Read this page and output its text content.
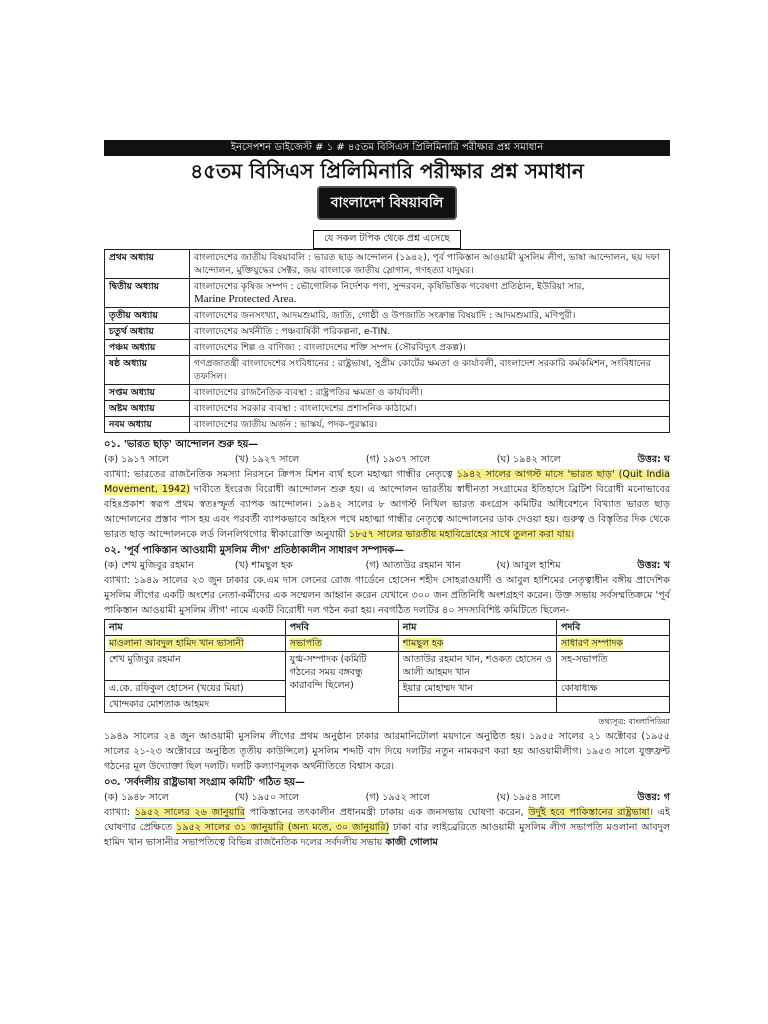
ইনসেপশন ডাইজেস্ট # ১ # ৪৫তম বিসিএস প্রিলিমিনারি পরীক্ষার প্রশ্ন সমাধান
৪৫তম বিসিএস প্রিলিমিনারি পরীক্ষার প্রশ্ন সমাধান
বাংলাদেশ বিষয়াবলি
যে সকল টপিক থেকে প্রশ্ন এসেছে
প্রথম অধ্যায়	বাংলাদেশের জাতীয় বিষয়াবলি : ভারত ছাড় আন্দোলন (১৯৪২), পূর্ব পাকিস্তান আওয়ামী মুসলিম লীগ, ভাষা আন্দোলন, ছয় দফা আন্দোলন, মুক্তিযুদ্ধের সেক্টর, জয় বাংলাকে জাতীয় স্লোগান, গণহত্যা যাদুঘর।
দ্বিতীয় অধ্যায়	বাংলাদেশের কৃষিজ সম্পদ : ভৌগোলিক নির্দেশক পণ্য, সুন্দরবন, কৃষিভিত্তিক গবেষণা প্রতিষ্ঠান, ইউরিয়া সার,
Marine Protected Area.
তৃতীয় অধ্যায়	বাংলাদেশের জনসংখ্যা, আদমশুমারি, জাতি, গোষ্ঠী ও উপজাতি সংক্রান্ত বিষয়াদি : আদমশুমারি, মণিপুরী।
চতুর্থ অধ্যায়	বাংলাদেশের অর্থনীতি : পঞ্চবার্ষিকী পরিকল্পনা, e-TIN.
পঞ্চম অধ্যায়	বাংলাদেশের শিল্প ও বাণিজ্য : বাংলাদেশের শক্তি সম্পদ (সৌরবিদ্যুৎ প্রকল্প)।
ষষ্ঠ অধ্যায়	গণপ্রজাতন্ত্রী বাংলাদেশের সংবিধানের : রাষ্ট্রভাষা, সুপ্রীম কোর্টের ক্ষমতা ও কার্যাবলী, বাংলাদেশ সরকারি কর্মকমিশন, সংবিধানের তফসিল।
সপ্তম অধ্যায়	বাংলাদেশের রাজনৈতিক ব্যবস্থা : রাষ্ট্রপতির ক্ষমতা ও কার্যাবলী।
অষ্টম অধ্যায়	বাংলাদেশের সরকার ব্যবস্থা : বাংলাদেশের প্রশাসনিক কাঠামো।
নবম অধ্যায়	বাংলাদেশের জাতীয় অর্জন : ভাস্কর্য, পদক-পুরস্কার।
০১. 'ভারত ছাড়' আন্দোলন শুরু হয়—
(ক) ১৯১৭ সালে	(খ) ১৯২৭ সালে	(গ) ১৯৩৭ সালে	(ঘ) ১৯৪২ সালে	উত্তর: ঘ
ব্যাখ্যা: ভারতের রাজনৈতিক সমস্যা নিরসনে ক্রিপস মিশন ব্যর্থ হলে মহাত্মা গান্ধীর নেতৃত্বে ১৯৪২ সালের আগস্ট মাসে 'ভারত ছাড়' (Quit India Movement, 1942) দাবীতে ইংরেজ বিরোধী আন্দোলন শুরু হয়। এ আন্দোলন ভারতীয় স্বাধীনতা সংগ্রামের ইতিহাসে ব্রিটিশ বিরোধী মনোভাবের বহিঃপ্রকাশ স্বরূপ প্রথম স্বতঃস্ফূর্ত ব্যাপক আন্দোলন। ১৯৪২ সালের ৮ আগস্ট নিখিল ভারত কংগ্রেস কমিটির অধিবেশনে বিখ্যাত ভারত ছাড় আন্দোলনের প্রস্তাব পাস হয় এবং পরবর্তী ব্যাপকভাবে অহিংস পথে মহাত্মা গান্ধীর নেতৃত্বে আন্দোলনের ডাক দেওয়া হয়। গুরুত্ব ও বিস্তৃতির দিক থেকে ভারত ছাড় আন্দোলনকে লর্ড লিনলিথগোর স্বীকারোক্তি অনুযায়ী ১৮৫৭ সালের ভারতীয় মহাবিদ্রোহের সাথে তুলনা করা যায়।
০২. 'পূর্ব পাকিস্তান আওয়ামী মুসলিম লীগ' প্রতিষ্ঠাকালীন সাধারণ সম্পাদক—
(ক) শেখ মুজিবুর রহমান	(খ) শামছুল হক	(গ) আতাউর রহমান খান	(ঘ) আবুল হাশিম	উত্তর: খ
ব্যাখ্যা: ১৯৪৯ সালের ২৩ জুন ঢাকার কে.এম দাস লেনের রোজ গার্ডেনে হোসেন শহীদ সোহরাওয়ার্দী ও আবুল হাশিমের নেতৃত্বাধীন বঙ্গীয় প্রাদেশিক মুসলিম লীগের একটি অংশের নেতা-কর্মীদের এক সম্মেলন আহ্বান করেন যেখানে ৩০০ জন প্রতিনিধি অংশগ্রহণ করেন। উক্ত সভায় সর্বসম্মতিক্রমে 'পূর্ব পাকিস্তান আওয়ামী মুসলিম লীগ' নামে একটি বিরোধী দল গঠন করা হয়। নবগঠিত দলটির ৪০ সদস্যবিশিষ্ট কমিটিতে ছিলেন-
নাম	পদবি	নাম	পদবি
মাওলানা আবদুল হামিদ খান ভাসানী	সভাপতি	শামছুল হক	সাধারণ সম্পাদক
শেখ মুজিবুর রহমান	যুগ্ম-সম্পাদক (কমিটি গঠনের সময় বঙ্গবন্ধু কারাবন্দি ছিলেন)	আতাউর রহমান খান, শওকত হোসেন ও আলী আহমদ খান	সহ-সভাপতি
এ.কে. রফিকুল হোসেন (খয়ের মিয়া)		ইয়ার মোহাম্মদ খান	কোষাধ্যক্ষ
খোন্দকার মোশতাক আহমদ			
তথ্যসূত্র: বাংলাপিডিয়া
১৯৪৯ সালের ২৪ জুন আওয়ামী মুসলিম লীগের প্রথম অনুষ্ঠান ঢাকার আরমানিটোলা ময়দানে অনুষ্ঠিত হয়। ১৯৫৫ সালের ২১ অক্টোবর (১৯৫৫ সালের ২১-২৩ অক্টোবরে অনুষ্ঠিত তৃতীয় কাউন্সিলে) মুসলিম শব্দটি বাদ দিয়ে দলটির নতুন নামকরণ করা হয় আওয়ামীলীগ। ১৯৫৩ সালে যুক্তফ্রন্ট গঠনের মূল উদ্যোক্তা ছিল দলটি। দলটি কল্যাণমূলক অর্থনীতিতে বিশ্বাস করে।
০৩. 'সর্বদলীয় রাষ্ট্রভাষা সংগ্রাম কমিটি' গঠিত হয়—
(ক) ১৯৪৮ সালে	(খ) ১৯৫০ সালে	(গ) ১৯৫২ সালে	(ঘ) ১৯৫৪ সালে	উত্তর: গ
ব্যাখ্যা: ১৯৫২ সালের ২৬ জানুয়ারি পাকিস্তানের তৎকালীন প্রধানমন্ত্রী ঢাকায় এক জনসভায় ঘোষণা করেন, উর্দুই হবে পাকিস্তানের রাষ্ট্রভাষা। এই ঘোষণার প্রেক্ষিতে ১৯৫২ সালের ৩১ জানুয়ারি (অন্য মতে, ৩০ জানুয়ারি) ঢাকা বার লাইব্রেরিতে আওয়ামী মুসলিম লীগ সভাপতি মওলানা আবদুল হামিদ খান ভাসানীর সভাপতিত্বে বিভিন্ন রাজনৈতিক দলের সর্বদলীয় সভায় কাজী গোলাম
